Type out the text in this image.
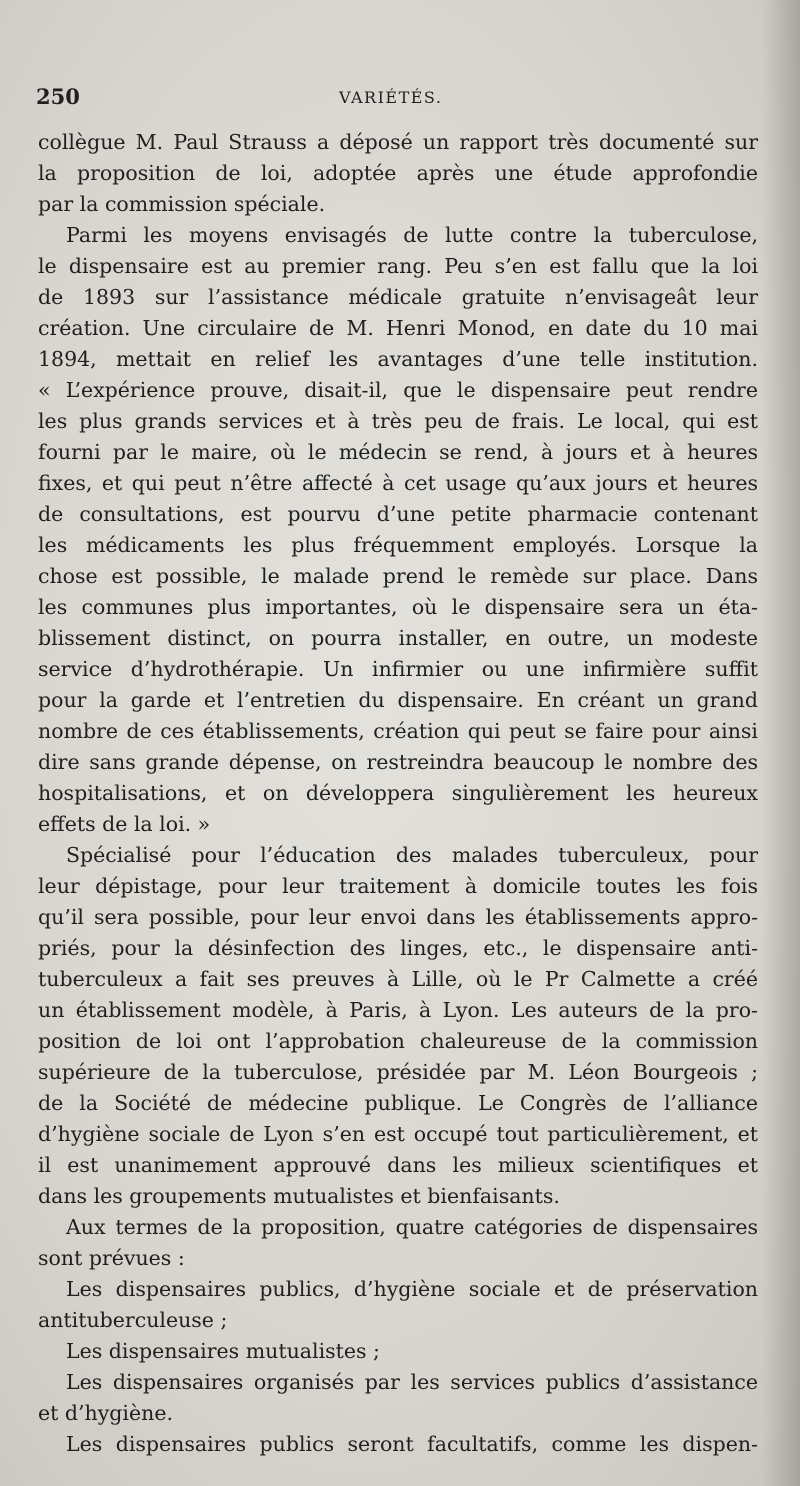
250	VARIÉTÉS.
collègue M. Paul Strauss a déposé un rapport très documenté sur
la proposition de loi, adoptée après une étude approfondie
par la commission spéciale.
Parmi les moyens envisagés de lutte contre la tuberculose,
le dispensaire est au premier rang. Peu s’en est fallu que la loi
de 1893 sur l’assistance médicale gratuite n’envisageât leur
création. Une circulaire de M. Henri Monod, en date du 10 mai
1894, mettait en relief les avantages d’une telle institution.
« L’expérience prouve, disait-il, que le dispensaire peut rendre
les plus grands services et à très peu de frais. Le local, qui est
fourni par le maire, où le médecin se rend, à jours et à heures
fixes, et qui peut n’être affecté à cet usage qu’aux jours et heures
de consultations, est pourvu d’une petite pharmacie contenant
les médicaments les plus fréquemment employés. Lorsque la
chose est possible, le malade prend le remède sur place. Dans
les communes plus importantes, où le dispensaire sera un éta-
blissement distinct, on pourra installer, en outre, un modeste
service d’hydrothérapie. Un infirmier ou une infirmière suffit
pour la garde et l’entretien du dispensaire. En créant un grand
nombre de ces établissements, création qui peut se faire pour ainsi
dire sans grande dépense, on restreindra beaucoup le nombre des
hospitalisations, et on développera singulièrement les heureux
effets de la loi. »
Spécialisé pour l’éducation des malades tuberculeux, pour
leur dépistage, pour leur traitement à domicile toutes les fois
qu’il sera possible, pour leur envoi dans les établissements appro-
priés, pour la désinfection des linges, etc., le dispensaire anti-
tuberculeux a fait ses preuves à Lille, où le Pr Calmette a créé
un établissement modèle, à Paris, à Lyon. Les auteurs de la pro-
position de loi ont l’approbation chaleureuse de la commission
supérieure de la tuberculose, présidée par M. Léon Bourgeois ;
de la Société de médecine publique. Le Congrès de l’alliance
d’hygiène sociale de Lyon s’en est occupé tout particulièrement, et
il est unanimement approuvé dans les milieux scientifiques et
dans les groupements mutualistes et bienfaisants.
Aux termes de la proposition, quatre catégories de dispensaires
sont prévues :
Les dispensaires publics, d’hygiène sociale et de préservation
antituberculeuse ;
Les dispensaires mutualistes ;
Les dispensaires organisés par les services publics d’assistance
et d’hygiène.
Les dispensaires publics seront facultatifs, comme les dispen-
